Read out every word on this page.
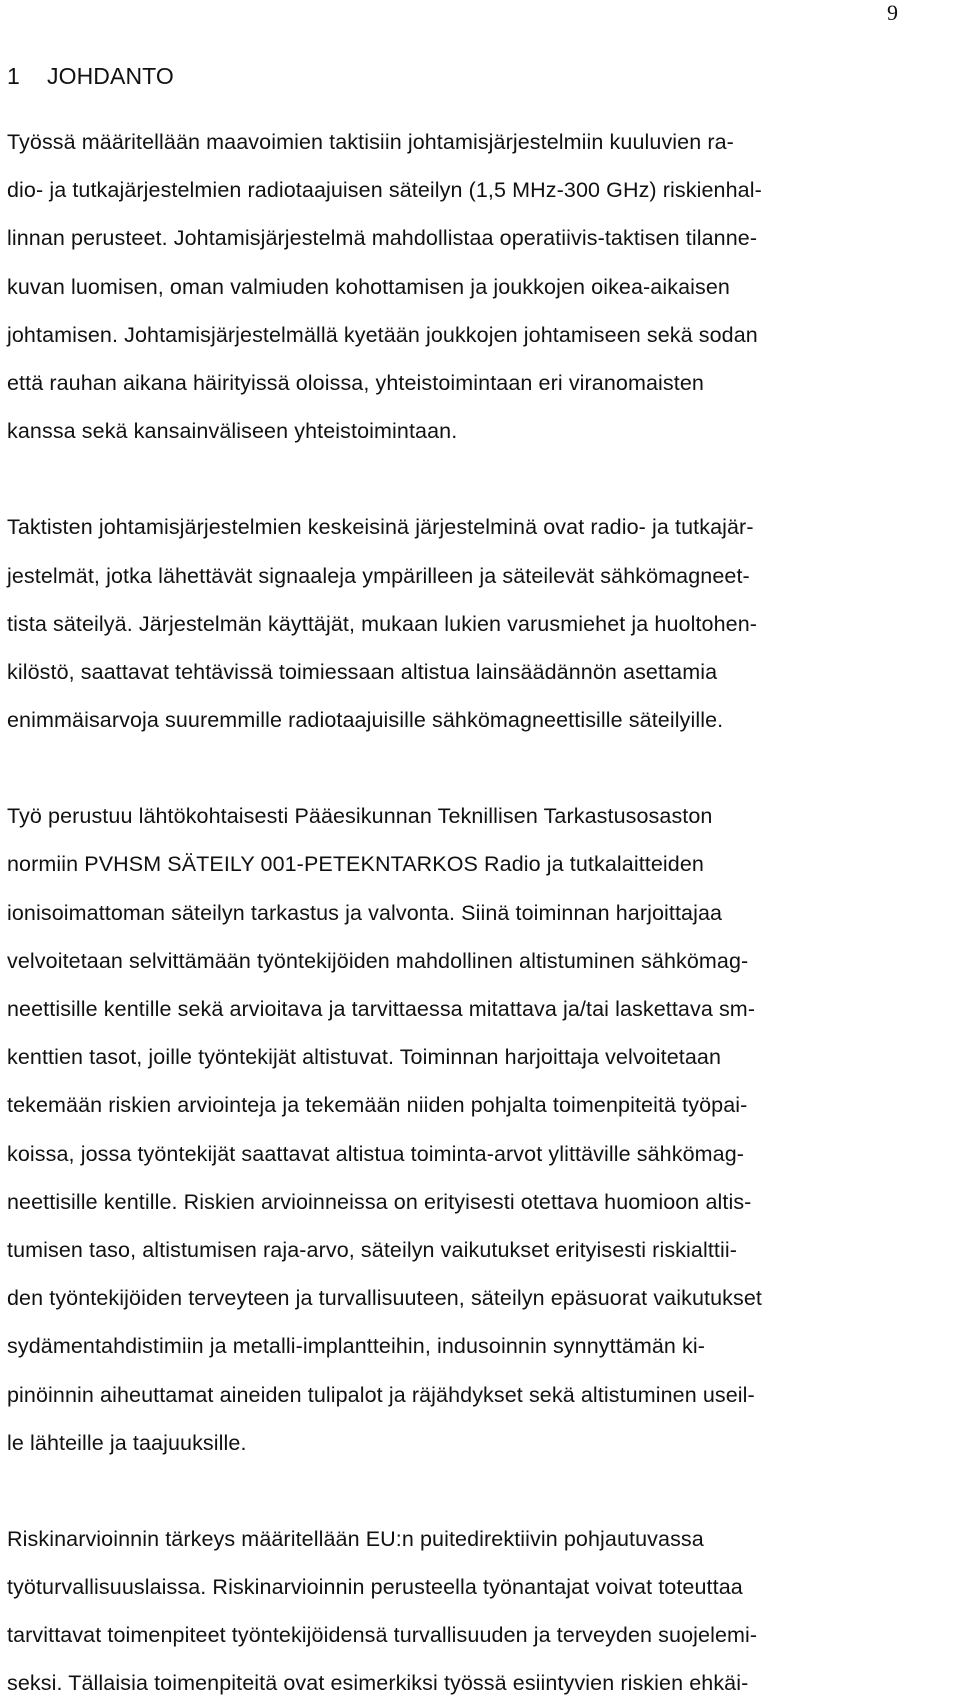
9
1 JOHDANTO

Työssä määritellään maavoimien taktisiin johtamisjärjestelmiin kuuluvien ra-
dio- ja tutkajärjestelmien radiotaajuisen säteilyn (1,5 MHz-300 GHz) riskienhal-
linnan perusteet. Johtamisjärjestelmä mahdollistaa operatiivis-taktisen tilanne-
kuvan luomisen, oman valmiuden kohottamisen ja joukkojen oikea-aikaisen
johtamisen. Johtamisjärjestelmällä kyetään joukkojen johtamiseen sekä sodan
että rauhan aikana häirityissä oloissa, yhteistoimintaan eri viranomaisten
kanssa sekä kansainväliseen yhteistoimintaan.

Taktisten johtamisjärjestelmien keskeisinä järjestelminä ovat radio- ja tutkajär-
jestelmät, jotka lähettävät signaaleja ympärilleen ja säteilevät sähkömagneet-
tista säteilyä. Järjestelmän käyttäjät, mukaan lukien varusmiehet ja huoltohen-
kilöstö, saattavat tehtävissä toimiessaan altistua lainsäädännön asettamia
enimmäisarvoja suuremmille radiotaajuisille sähkömagneettisille säteilyille.

Työ perustuu lähtökohtaisesti Pääesikunnan Teknillisen Tarkastusosaston
normiin PVHSM SÄTEILY 001-PETEKNTARKOS Radio ja tutkalaitteiden
ionisoimattoman säteilyn tarkastus ja valvonta. Siinä toiminnan harjoittajaa
velvoitetaan selvittämään työntekijöiden mahdollinen altistuminen sähkömag-
neettisille kentille sekä arvioitava ja tarvittaessa mitattava ja/tai laskettava sm-
kenttien tasot, joille työntekijät altistuvat. Toiminnan harjoittaja velvoitetaan
tekemään riskien arviointeja ja tekemään niiden pohjalta toimenpiteitä työpai-
koissa, jossa työntekijät saattavat altistua toiminta-arvot ylittäville sähkömag-
neettisille kentille. Riskien arvioinneissa on erityisesti otettava huomioon altis-
tumisen taso, altistumisen raja-arvo, säteilyn vaikutukset erityisesti riskialttii-
den työntekijöiden terveyteen ja turvallisuuteen, säteilyn epäsuorat vaikutukset
sydämentahdistimiin ja metalli-implantteihin, indusoinnin synnyttämän ki-
pinöinnin aiheuttamat aineiden tulipalot ja räjähdykset sekä altistuminen useil-
le lähteille ja taajuuksille.

Riskinarvioinnin tärkeys määritellään EU:n puitedirektiivin pohjautuvassa
työturvallisuuslaissa. Riskinarvioinnin perusteella työnantajat voivat toteuttaa
tarvittavat toimenpiteet työntekijöidensä turvallisuuden ja terveyden suojelemi-
seksi. Tällaisia toimenpiteitä ovat esimerkiksi työssä esiintyvien riskien ehkäi-
